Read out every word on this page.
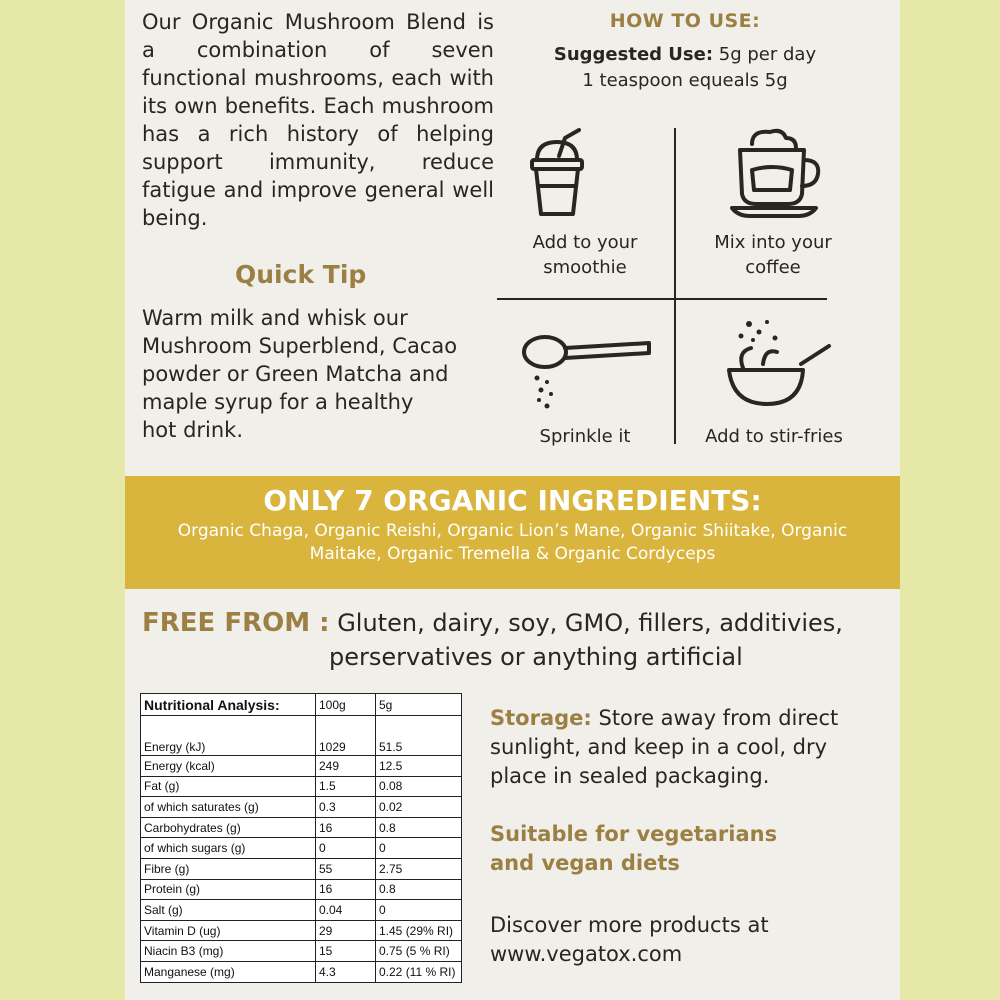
Our Organic Mushroom Blend is a combination of seven functional mushrooms, each with its own benefits. Each mushroom has a rich history of helping support immunity, reduce fatigue and improve general well being.

Quick Tip
Warm milk and whisk our
Mushroom Superblend, Cacao
powder or Green Matcha and
maple syrup for a healthy
hot drink.
HOW TO USE:
Suggested Use: 5g per day
1 teaspoon equeals 5g
Add to your
smoothie
Mix into your
coffee
Sprinkle it	Add to stir-fries
ONLY 7 ORGANIC INGREDIENTS:
Organic Chaga, Organic Reishi, Organic Lion’s Mane, Organic Shiitake, Organic
Maitake, Organic Tremella & Organic Cordyceps
FREE FROM : Gluten, dairy, soy, GMO, fillers, additivies,
perservatives or anything artificial
Nutritional Analysis:	100g	5g
Energy (kJ)	1029	51.5
Energy (kcal)	249	12.5
Fat (g)	1.5	0.08
of which saturates (g)	0.3	0.02
Carbohydrates (g)	16	0.8
of which sugars (g)	0	0
Fibre (g)	55	2.75
Protein (g)	16	0.8
Salt (g)	0.04	0
Vitamin D (ug)	29	1.45 (29% RI)
Niacin B3 (mg)	15	0.75 (5 % RI)
Manganese (mg)	4.3	0.22 (11 % RI)
Storage: Store away from direct
sunlight, and keep in a cool, dry
place in sealed packaging.
Suitable for vegetarians
and vegan diets
Discover more products at
www.vegatox.com
